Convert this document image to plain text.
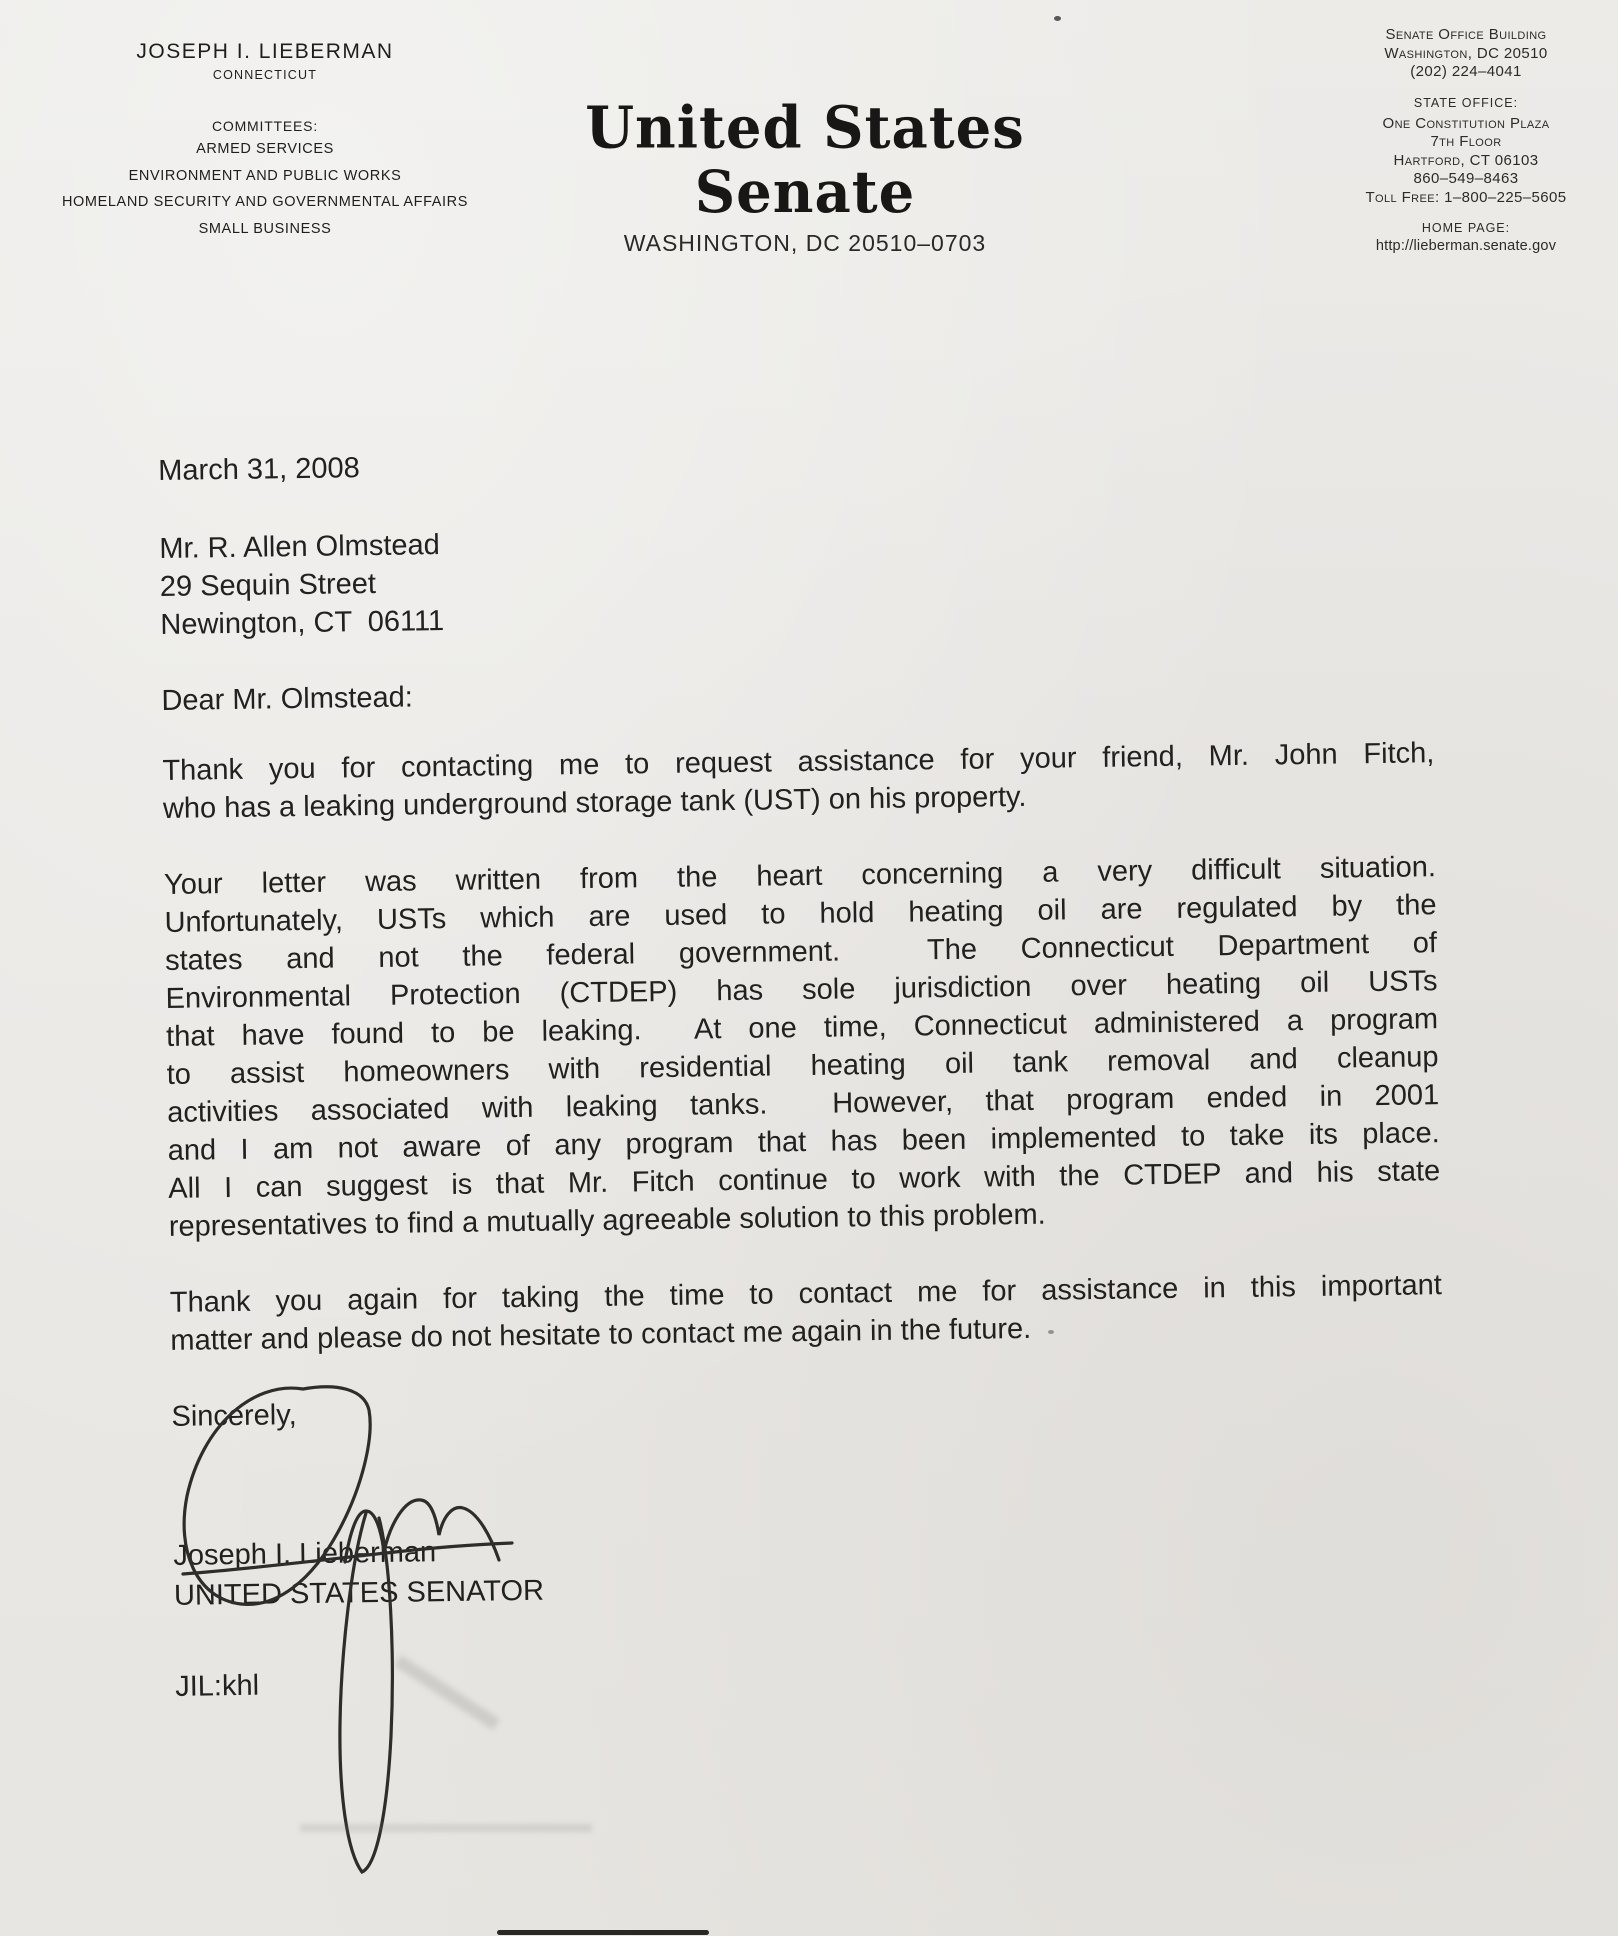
JOSEPH I. LIEBERMAN
CONNECTICUT
COMMITTEES:
ARMED SERVICES
ENVIRONMENT AND PUBLIC WORKS
HOMELAND SECURITY AND GOVERNMENTAL AFFAIRS
SMALL BUSINESS
United States Senate
WASHINGTON, DC 20510–0703
Senate Office Building
Washington, DC 20510
(202) 224–4041
STATE OFFICE:
One Constitution Plaza
7th Floor
Hartford, CT 06103
860–549–8463
Toll Free: 1–800–225–5605
HOME PAGE:
http://lieberman.senate.gov
March 31, 2008
Mr. R. Allen Olmstead
29 Sequin Street
Newington, CT  06111
Dear Mr. Olmstead:
Thank you for contacting me to request assistance for your friend, Mr. John Fitch,
who has a leaking underground storage tank (UST) on his property.
Your letter was written from the heart concerning a very difficult situation.
Unfortunately, USTs which are used to hold heating oil are regulated by the
states and not the federal government.  The Connecticut Department of
Environmental Protection (CTDEP) has sole jurisdiction over heating oil USTs
that have found to be leaking.  At one time, Connecticut administered a program
to assist homeowners with residential heating oil tank removal and cleanup
activities associated with leaking tanks.  However, that program ended in 2001
and I am not aware of any program that has been implemented to take its place.
All I can suggest is that Mr. Fitch continue to work with the CTDEP and his state
representatives to find a mutually agreeable solution to this problem.
Thank you again for taking the time to contact me for assistance in this important
matter and please do not hesitate to contact me again in the future.
Sincerely,
Joseph I. Lieberman
UNITED STATES SENATOR
JIL:khl
